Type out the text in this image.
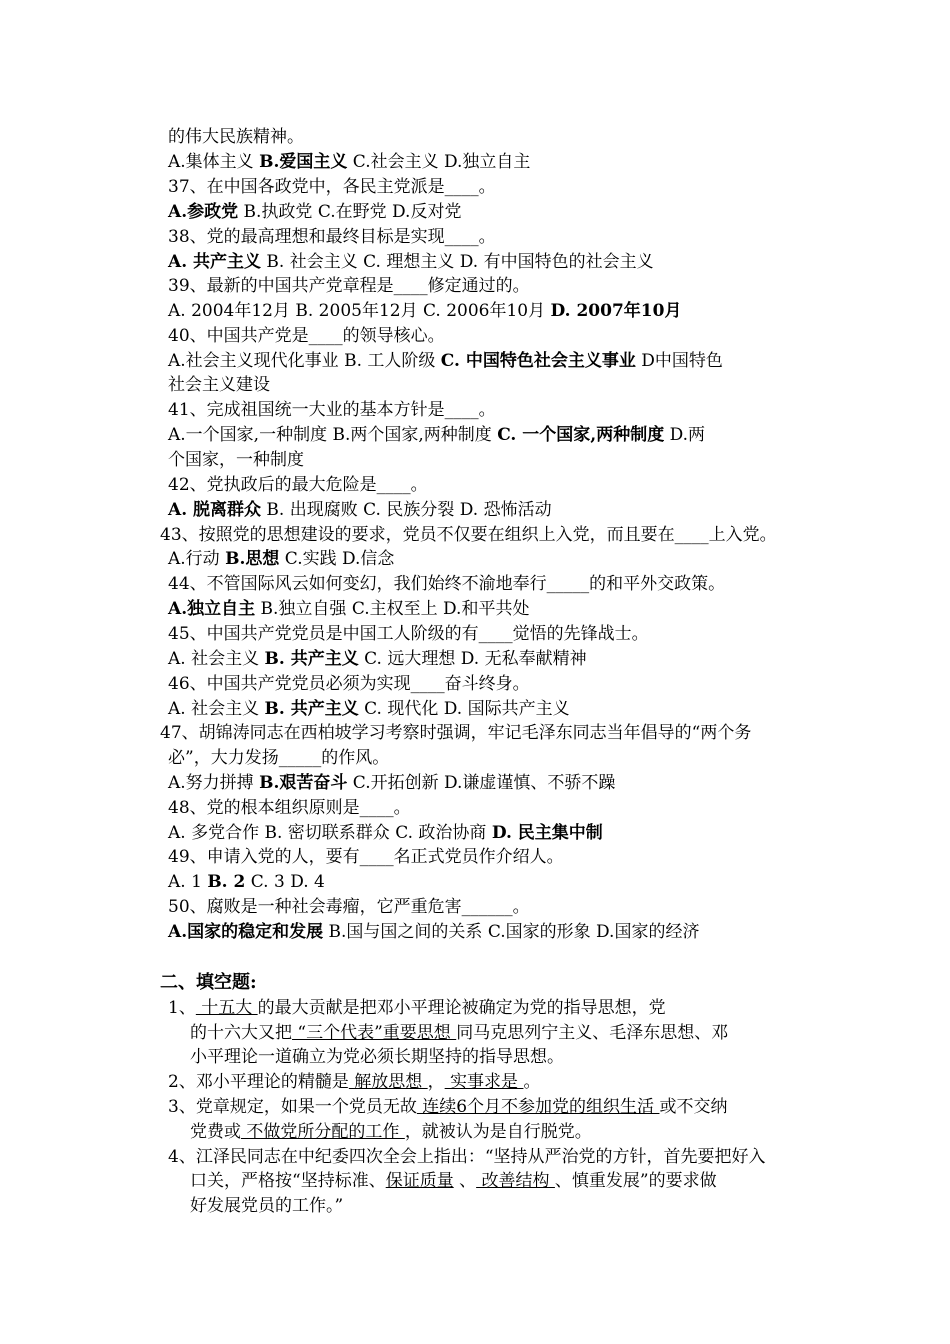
的伟大民族精神。
A.集体主义 B.爱国主义 C.社会主义 D.独立自主
37、在中国各政党中，各民主党派是____。
A.参政党 B.执政党 C.在野党 D.反对党
38、党的最高理想和最终目标是实现____。
A. 共产主义 B. 社会主义 C. 理想主义 D. 有中国特色的社会主义
39、最新的中国共产党章程是____修定通过的。
A. 2004年12月 B. 2005年12月 C. 2006年10月 D. 2007年10月
40、中国共产党是____的领导核心。
A.社会主义现代化事业 B. 工人阶级 C. 中国特色社会主义事业 D中国特色
社会主义建设
41、完成祖国统一大业的基本方针是____。
A.一个国家,一种制度 B.两个国家,两种制度 C. 一个国家,两种制度 D.两
个国家，一种制度
42、党执政后的最大危险是____。
A. 脱离群众 B. 出现腐败 C. 民族分裂 D. 恐怖活动
43、按照党的思想建设的要求，党员不仅要在组织上入党，而且要在____上入党。
A.行动 B.思想 C.实践 D.信念
44、不管国际风云如何变幻，我们始终不渝地奉行_____的和平外交政策。
A.独立自主 B.独立自强 C.主权至上 D.和平共处
45、中国共产党党员是中国工人阶级的有____觉悟的先锋战士。
A. 社会主义 B. 共产主义 C. 远大理想 D. 无私奉献精神
46、中国共产党党员必须为实现____奋斗终身。
A. 社会主义 B. 共产主义 C. 现代化 D. 国际共产主义
47、胡锦涛同志在西柏坡学习考察时强调，牢记毛泽东同志当年倡导的“两个务
必”，大力发扬_____的作风。
A.努力拼搏 B.艰苦奋斗 C.开拓创新 D.谦虚谨慎、不骄不躁
48、党的根本组织原则是____。
A. 多党合作 B. 密切联系群众 C. 政治协商 D. 民主集中制
49、申请入党的人，要有____名正式党员作介绍人。
A. 1 B. 2 C. 3 D. 4
50、腐败是一种社会毒瘤，它严重危害______。
A.国家的稳定和发展 B.国与国之间的关系 C.国家的形象 D.国家的经济
二、填空题:
1、 十五大 的最大贡献是把邓小平理论被确定为党的指导思想，党
的十六大又把 “三个代表”重要思想 同马克思列宁主义、毛泽东思想、邓
小平理论一道确立为党必须长期坚持的指导思想。
2、邓小平理论的精髓是 解放思想 ， 实事求是 。
3、党章规定，如果一个党员无故 连续6个月不参加党的组织生活 或不交纳
党费或 不做党所分配的工作 ，就被认为是自行脱党。
4、江泽民同志在中纪委四次全会上指出：“坚持从严治党的方针，首先要把好入
口关，严格按“坚持标准、保证质量 、 改善结构 、慎重发展”的要求做
好发展党员的工作。”
